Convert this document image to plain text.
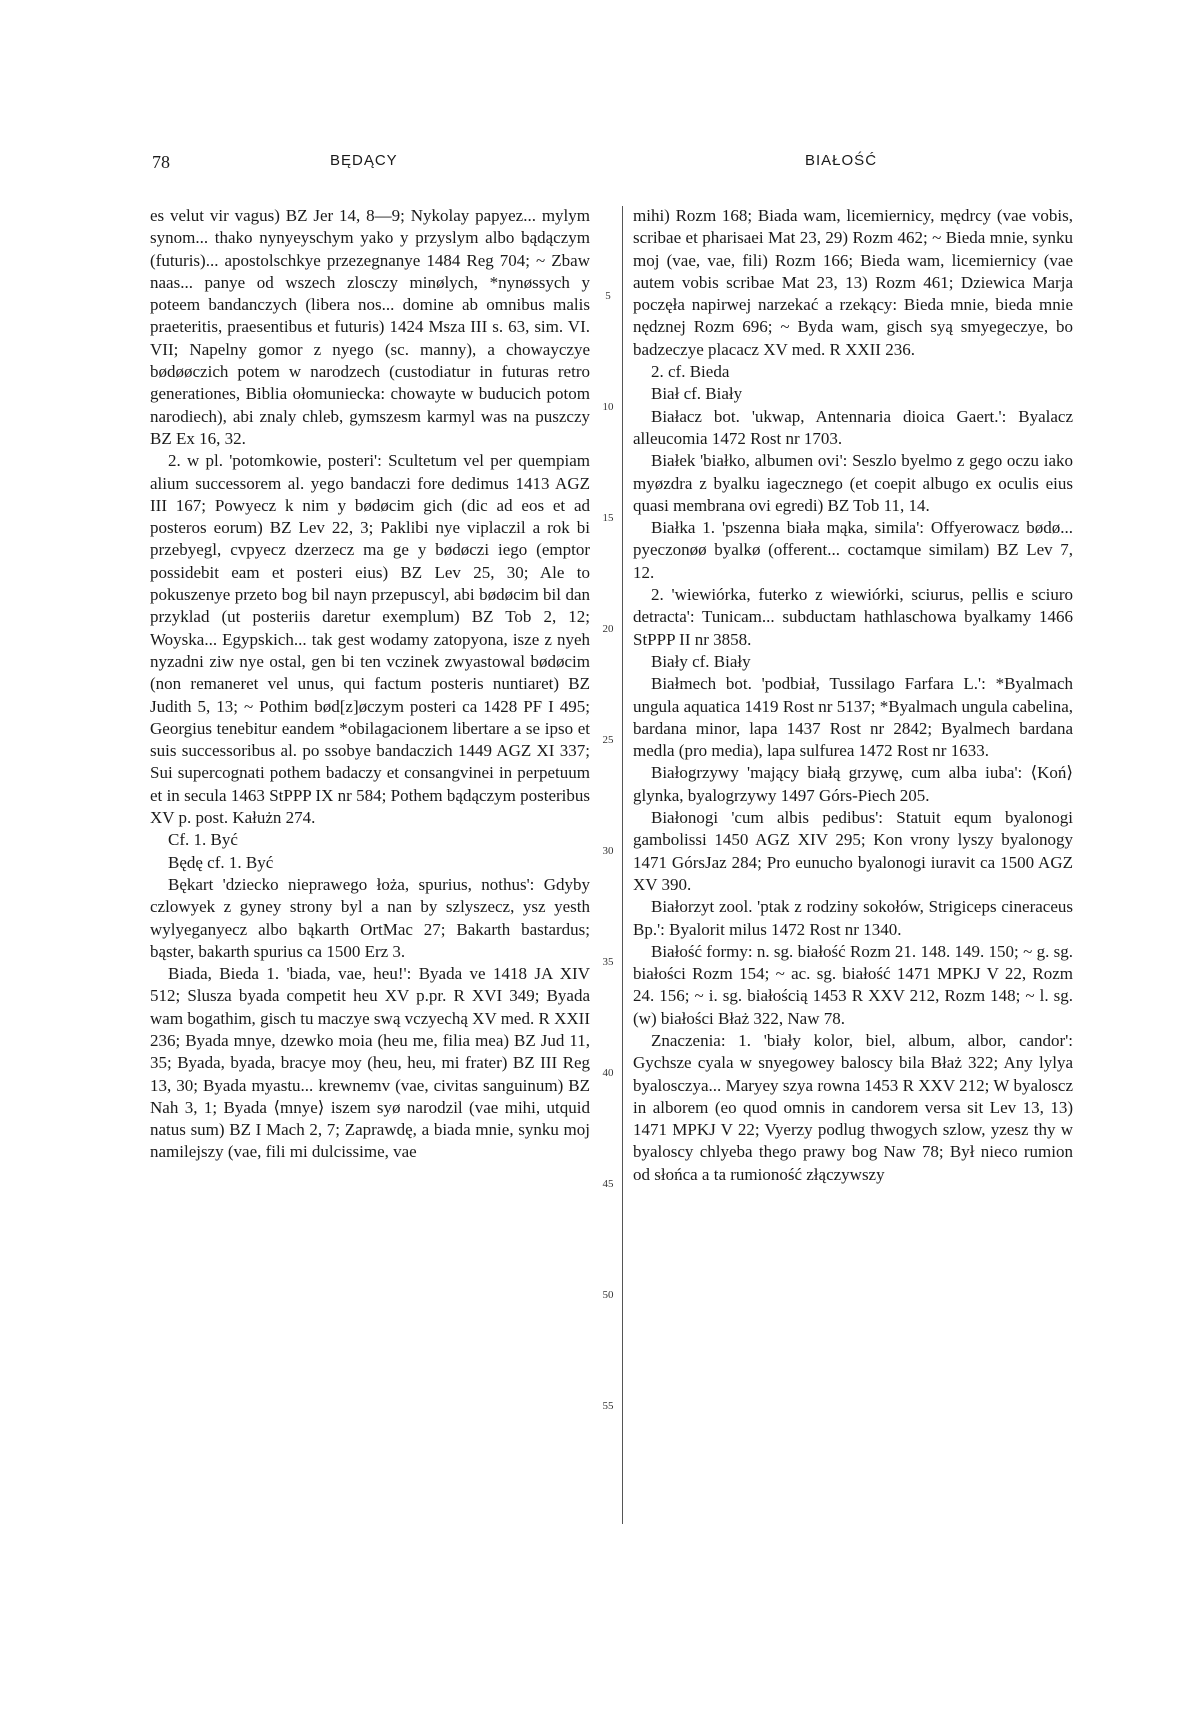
78	BĘDĄCY	BIAŁOŚĆ

es velut vir vagus) BZ Jer 14, 8—9; Nykolay papyez... mylym synom... thako nynyeyschym yako y przyslym albo bądączym (futuris)... apostolschkye przezegnanye 1484 Reg 704; ~ Zbaw naas... panye od wszech zlosczy minølych, *nynøssych y poteem bandanczych (libera nos... domine ab omnibus malis praeteritis, praesentibus et futuris) 1424 Msza III s. 63, sim. VI. VII; Napelny gomor z nyego (sc. manny), a chowayczye bødøøczich potem w narodzech (custodiatur in futuras retro generationes, Biblia ołomuniecka: chowayte w buducich potom narodiech), abi znaly chleb, gymszesm karmyl was na puszczy BZ Ex 16, 32.

2. w pl. 'potomkowie, posteri': Scultetum vel per quempiam alium successorem al. yego bandaczi fore dedimus 1413 AGZ III 167; Powyecz k nim y bødøcim gich (dic ad eos et ad posteros eorum) BZ Lev 22, 3; Paklibi nye viplaczil a rok bi przebyegl, cvpyecz dzerzecz ma ge y bødøczi iego (emptor possidebit eam et posteri eius) BZ Lev 25, 30; Ale to pokuszenye przeto bog bil nayn przepuscyl, abi bødøcim bil dan przyklad (ut posteriis daretur exemplum) BZ Tob 2, 12; Woyska... Egypskich... tak gest wodamy zatopyona, isze z nyeh nyzadni ziw nye ostal, gen bi ten vczinek zwyastowal bødøcim (non remaneret vel unus, qui factum posteris nuntiaret) BZ Judith 5, 13; ~ Pothim bød[z]øczym posteri ca 1428 PF I 495; Georgius tenebitur eandem *obilagacionem libertare a se ipso et suis successoribus al. po ssobye bandaczich 1449 AGZ XI 337; Sui supercognati pothem badaczy et consangvinei in perpetuum et in secula 1463 StPPP IX nr 584; Pothem bądączym posteribus XV p. post. Kałużn 274.

Cf. 1. Być

Będę cf. 1. Być

Bękart 'dziecko nieprawego łoża, spurius, nothus': Gdyby czlowyek z gyney strony byl a nan by szlyszecz, ysz yesth wylyeganyecz albo bąkarth OrtMac 27; Bakarth bastardus; bąster, bakarth spurius ca 1500 Erz 3.

Biada, Bieda 1. 'biada, vae, heu!': Byada ve 1418 JA XIV 512; Slusza byada competit heu XV p.pr. R XVI 349; Byada wam bogathim, gisch tu maczye swą vczyechą XV med. R XXII 236; Byada mnye, dzewko moia (heu me, filia mea) BZ Jud 11, 35; Byada, byada, bracye moy (heu, heu, mi frater) BZ III Reg 13, 30; Byada myastu... krewnemv (vae, civitas sanguinum) BZ Nah 3, 1; Byada ⟨mnye⟩ iszem syø narodzil (vae mihi, utquid natus sum) BZ I Mach 2, 7; Zaprawdę, a biada mnie, synku moj namilejszy (vae, fili mi dulcissime, vae

5
10
15
20
25
30
35
40
45
50
55

mihi) Rozm 168; Biada wam, licemiernicy, mędrcy (vae vobis, scribae et pharisaei Mat 23, 29) Rozm 462; ~ Bieda mnie, synku moj (vae, vae, fili) Rozm 166; Bieda wam, licemiernicy (vae autem vobis scribae Mat 23, 13) Rozm 461; Dziewica Marja poczęła napirwej narzekać a rzekący: Bieda mnie, bieda mnie nędznej Rozm 696; ~ Byda wam, gisch syą smyegeczye, bo badzeczye placacz XV med. R XXII 236.

2. cf. Bieda

Biał cf. Biały

Białacz bot. 'ukwap, Antennaria dioica Gaert.': Byalacz alleucomia 1472 Rost nr 1703.

Białek 'białko, albumen ovi': Seszlo byelmo z gego oczu iako myøzdra z byalku iagecznego (et coepit albugo ex oculis eius quasi membrana ovi egredi) BZ Tob 11, 14.

Białka 1. 'pszenna biała mąka, simila': Offyerowacz bødø... pyeczonøø byalkø (offerent... coctamque similam) BZ Lev 7, 12.

2. 'wiewiórka, futerko z wiewiórki, sciurus, pellis e sciuro detracta': Tunicam... subductam hathlaschowa byalkamy 1466 StPPP II nr 3858.

Biały cf. Biały

Białmech bot. 'podbiał, Tussilago Farfara L.': *Byalmach ungula aquatica 1419 Rost nr 5137; *Byalmach ungula cabelina, bardana minor, lapa 1437 Rost nr 2842; Byalmech bardana medla (pro media), lapa sulfurea 1472 Rost nr 1633.

Białogrzywy 'mający białą grzywę, cum alba iuba': ⟨Koń⟩ glynka, byalogrzywy 1497 Górs-Piech 205.

Białonogi 'cum albis pedibus': Statuit equm byalonogi gambolissi 1450 AGZ XIV 295; Kon vrony lyszy byalonogy 1471 GórsJaz 284; Pro eunucho byalonogi iuravit ca 1500 AGZ XV 390.

Białorzyt zool. 'ptak z rodziny sokołów, Strigiceps cineraceus Bp.': Byalorit milus 1472 Rost nr 1340.

Białość formy: n. sg. białość Rozm 21. 148. 149. 150; ~ g. sg. białości Rozm 154; ~ ac. sg. białość 1471 MPKJ V 22, Rozm 24. 156; ~ i. sg. białością 1453 R XXV 212, Rozm 148; ~ l. sg. (w) białości Błaż 322, Naw 78.

Znaczenia: 1. 'biały kolor, biel, album, albor, candor': Gychsze cyala w snyegowey baloscy bila Błaż 322; Any lylya byalosczya... Maryey szya rowna 1453 R XXV 212; W byaloscz in alborem (eo quod omnis in candorem versa sit Lev 13, 13) 1471 MPKJ V 22; Vyerzy podlug thwogych szlow, yzesz thy w byaloscy chlyeba thego prawy bog Naw 78; Był nieco rumion od słońca a ta rumioność złączywszy
